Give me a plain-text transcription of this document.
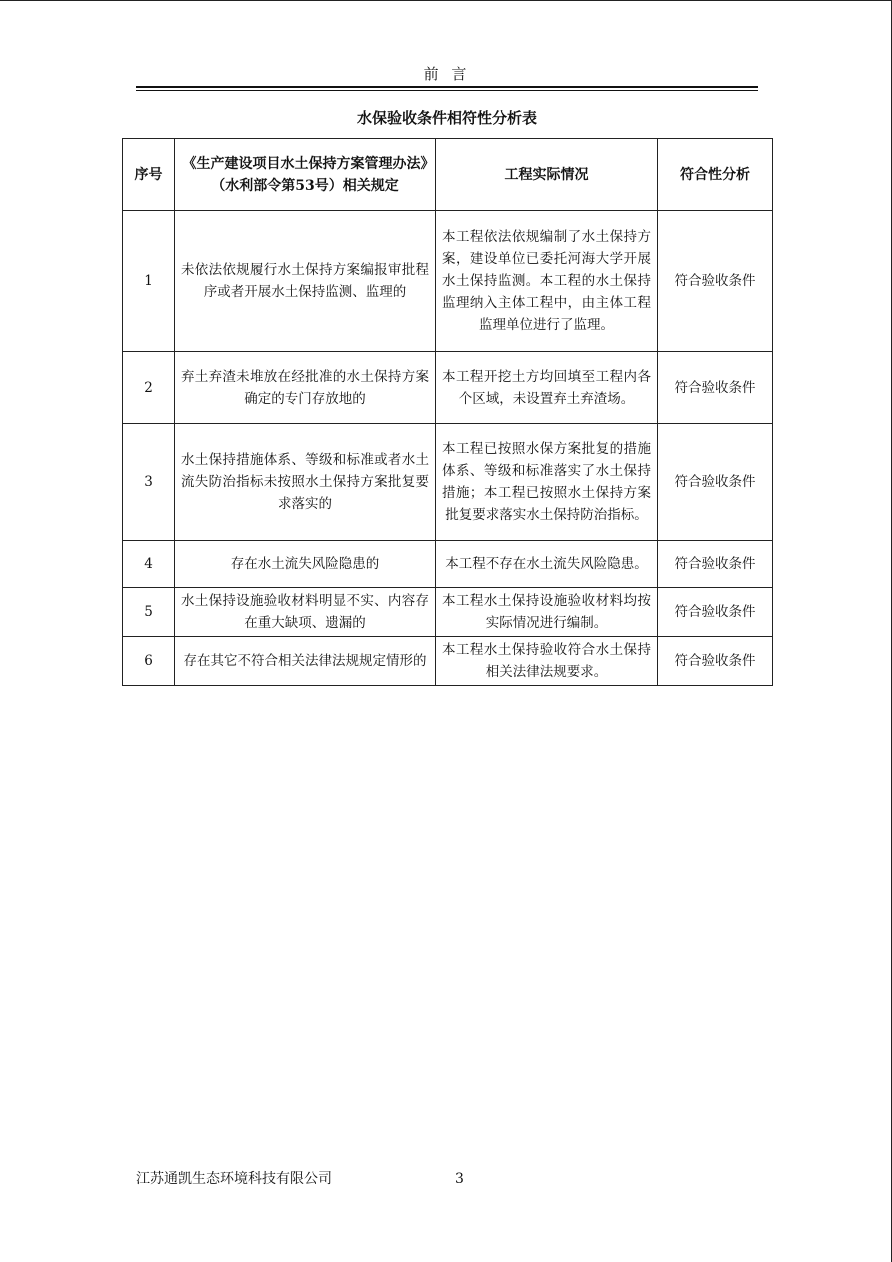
前 言
水保验收条件相符性分析表
序号	《生产建设项目水土保持方案管理办法》（水利部令第53号）相关规定	工程实际情况	符合性分析
1	未依法依规履行水土保持方案编报审批程序或者开展水土保持监测、监理的	本工程依法依规编制了水土保持方案，建设单位已委托河海大学开展水土保持监测。本工程的水土保持监理纳入主体工程中，由主体工程监理单位进行了监理。	符合验收条件
2	弃土弃渣未堆放在经批准的水土保持方案确定的专门存放地的	本工程开挖土方均回填至工程内各个区域，未设置弃土弃渣场。	符合验收条件
3	水土保持措施体系、等级和标准或者水土流失防治指标未按照水土保持方案批复要求落实的	本工程已按照水保方案批复的措施体系、等级和标准落实了水土保持措施；本工程已按照水土保持方案批复要求落实水土保持防治指标。	符合验收条件
4	存在水土流失风险隐患的	本工程不存在水土流失风险隐患。	符合验收条件
5	水土保持设施验收材料明显不实、内容存在重大缺项、遗漏的	本工程水土保持设施验收材料均按实际情况进行编制。	符合验收条件
6	存在其它不符合相关法律法规规定情形的	本工程水土保持验收符合水土保持相关法律法规要求。	符合验收条件
江苏通凯生态环境科技有限公司	3
